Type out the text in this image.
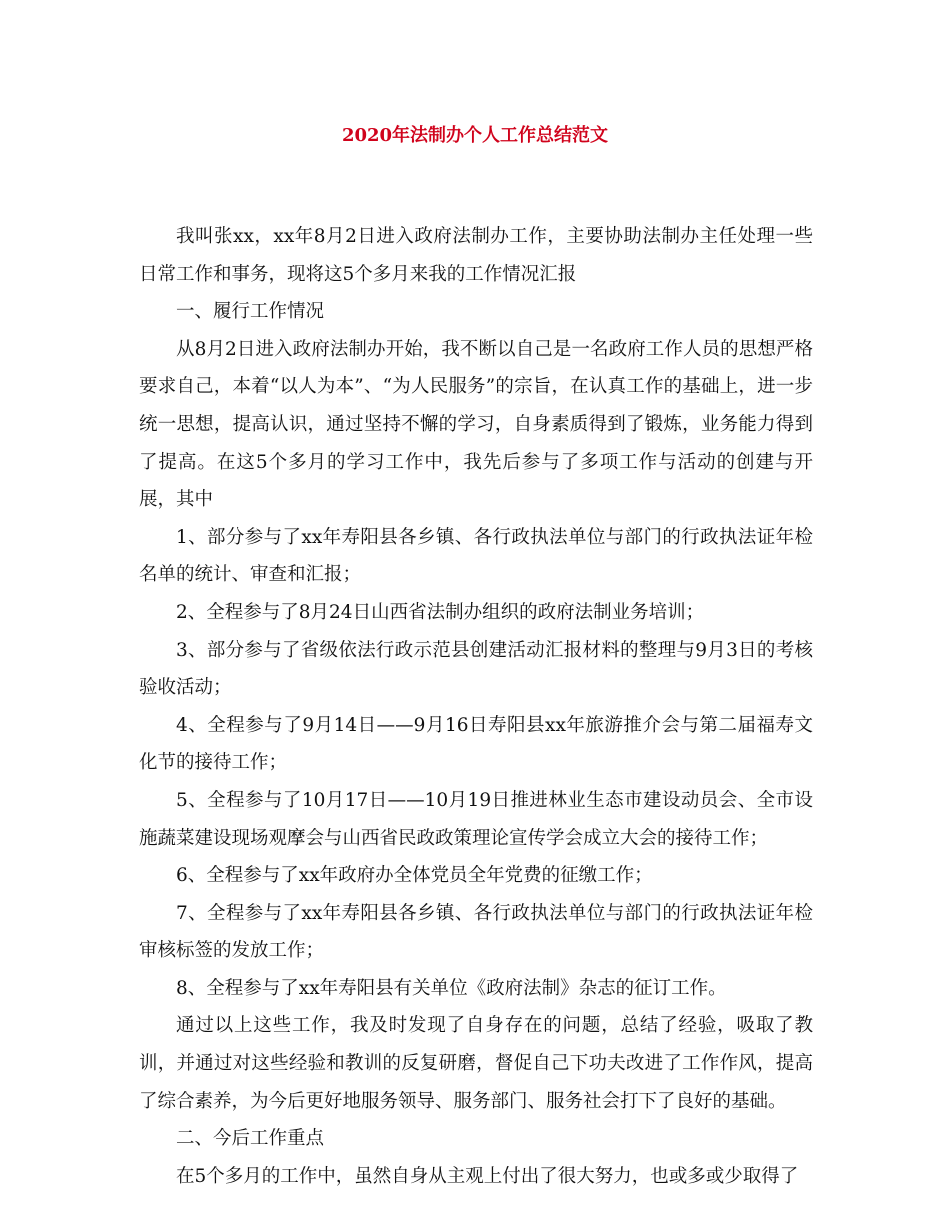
2020年法制办个人工作总结范文

我叫张xx，xx年8月2日进入政府法制办工作，主要协助法制办主任处理一些日常工作和事务，现将这5个多月来我的工作情况汇报

一、履行工作情况

从8月2日进入政府法制办开始，我不断以自己是一名政府工作人员的思想严格要求自己，本着“以人为本”、“为人民服务”的宗旨，在认真工作的基础上，进一步统一思想，提高认识，通过坚持不懈的学习，自身素质得到了锻炼，业务能力得到了提高。在这5个多月的学习工作中，我先后参与了多项工作与活动的创建与开展，其中

1、部分参与了xx年寿阳县各乡镇、各行政执法单位与部门的行政执法证年检名单的统计、审查和汇报；

2、全程参与了8月24日山西省法制办组织的政府法制业务培训；

3、部分参与了省级依法行政示范县创建活动汇报材料的整理与9月3日的考核验收活动；

4、全程参与了9月14日——9月16日寿阳县xx年旅游推介会与第二届福寿文化节的接待工作；

5、全程参与了10月17日——10月19日推进林业生态市建设动员会、全市设施蔬菜建设现场观摩会与山西省民政政策理论宣传学会成立大会的接待工作；

6、全程参与了xx年政府办全体党员全年党费的征缴工作；

7、全程参与了xx年寿阳县各乡镇、各行政执法单位与部门的行政执法证年检审核标签的发放工作；

8、全程参与了xx年寿阳县有关单位《政府法制》杂志的征订工作。

通过以上这些工作，我及时发现了自身存在的问题，总结了经验，吸取了教训，并通过对这些经验和教训的反复研磨，督促自己下功夫改进了工作作风，提高了综合素养，为今后更好地服务领导、服务部门、服务社会打下了良好的基础。

二、今后工作重点

在5个多月的工作中，虽然自身从主观上付出了很大努力，也或多或少取得了
